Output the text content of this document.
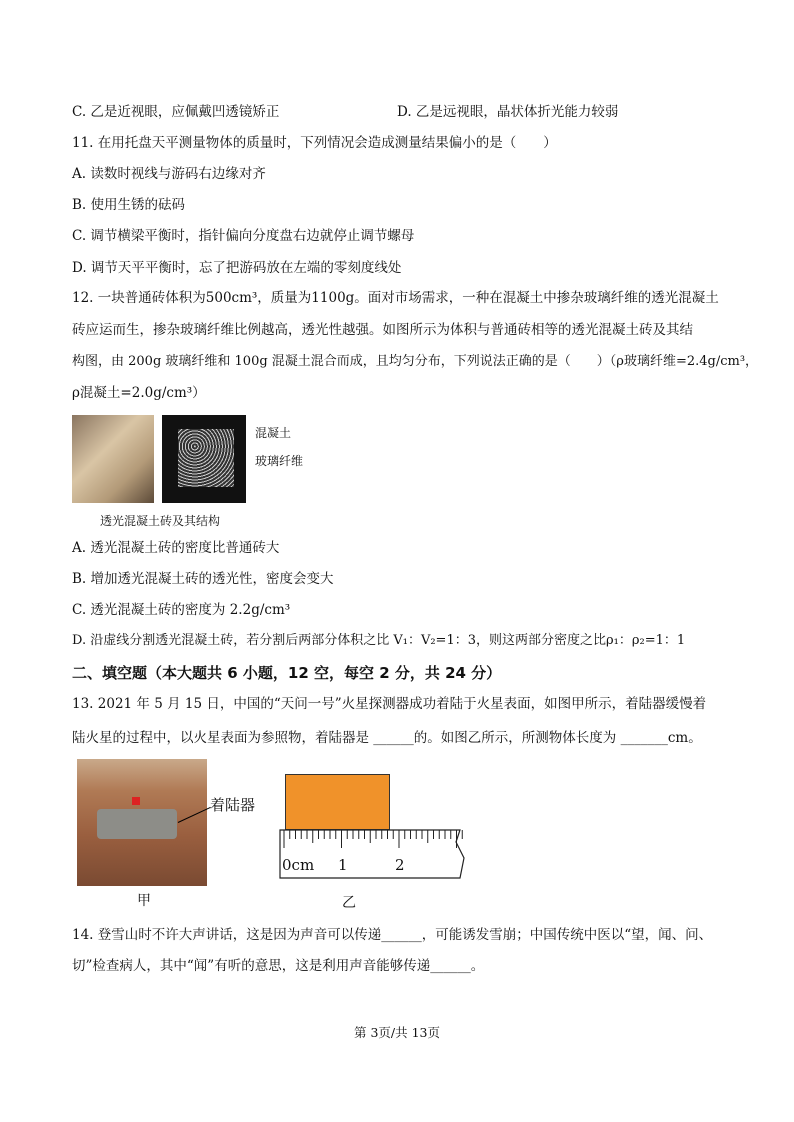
C. 乙是近视眼，应佩戴凹透镜矫正	D. 乙是远视眼，晶状体折光能力较弱
11. 在用托盘天平测量物体的质量时，下列情况会造成测量结果偏小的是（　　）
A. 读数时视线与游码右边缘对齐
B. 使用生锈的砝码
C. 调节横梁平衡时，指针偏向分度盘右边就停止调节螺母
D. 调节天平平衡时，忘了把游码放在左端的零刻度线处
12. 一块普通砖体积为500cm³，质量为1100g。面对市场需求，一种在混凝土中掺杂玻璃纤维的透光混凝土
砖应运而生，掺杂玻璃纤维比例越高，透光性越强。如图所示为体积与普通砖相等的透光混凝土砖及其结
构图，由 200g 玻璃纤维和 100g 混凝土混合而成，且均匀分布，下列说法正确的是（　　）（ρ玻璃纤维=2.4g/cm³，
ρ混凝土=2.0g/cm³）
混凝土
玻璃纤维
透光混凝土砖及其结构
A. 透光混凝土砖的密度比普通砖大
B. 增加透光混凝土砖的透光性，密度会变大
C. 透光混凝土砖的密度为 2.2g/cm³
D. 沿虚线分割透光混凝土砖，若分割后两部分体积之比 V₁：V₂=1：3，则这两部分密度之比ρ₁：ρ₂=1：1
二、填空题（本大题共 6 小题，12 空，每空 2 分，共 24 分）
13. 2021 年 5 月 15 日，中国的“天问一号”火星探测器成功着陆于火星表面，如图甲所示，着陆器缓慢着
陆火星的过程中，以火星表面为参照物，着陆器是 ______的。如图乙所示，所测物体长度为 _______cm。
着陆器
甲
0cm 1	2
乙
14. 登雪山时不许大声讲话，这是因为声音可以传递______，可能诱发雪崩；中国传统中医以“望，闻、问、
切”检查病人，其中“闻”有听的意思，这是利用声音能够传递______。
第 3页/共 13页
